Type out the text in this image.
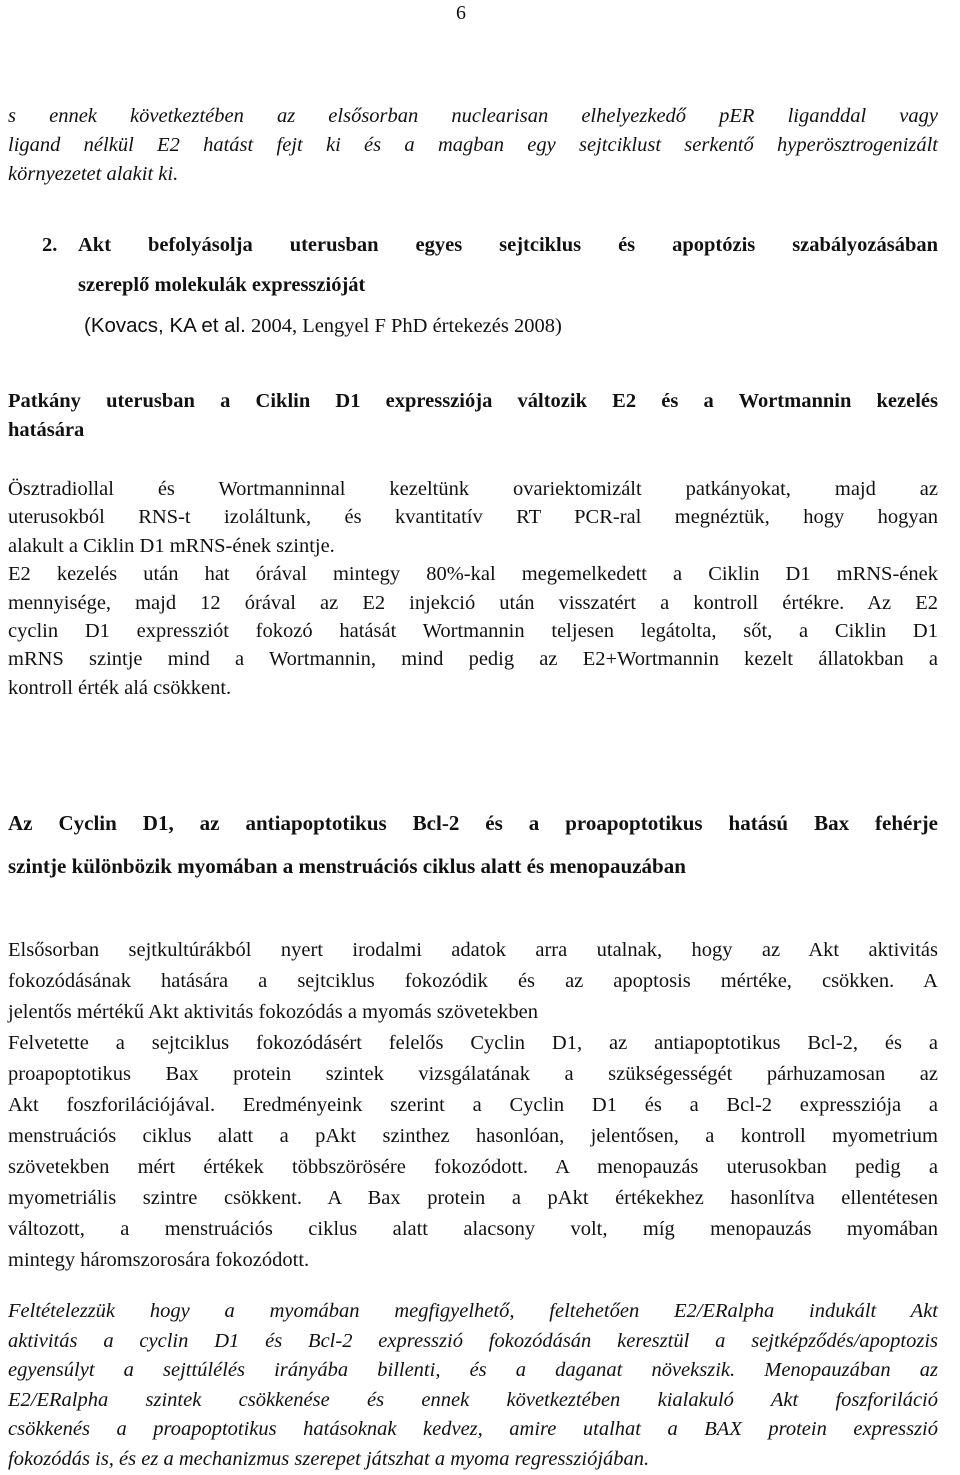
6
s ennek következtében az elsősorban nuclearisan elhelyezkedő pER liganddal vagy
ligand nélkül E2 hatást fejt ki és a magban egy sejtciklust serkentő hyperösztrogenizált
környezetet alakit ki.
2. Akt befolyásolja uterusban egyes sejtciklus és apoptózis szabályozásában
szereplő molekulák expresszióját
(Kovacs, KA et al. 2004, Lengyel F PhD értekezés 2008)
Patkány uterusban a Ciklin D1 expressziója változik E2 és a Wortmannin kezelés
hatására
Ösztradiollal és Wortmanninnal kezeltünk ovariektomizált patkányokat, majd az
uterusokból RNS-t izoláltunk, és kvantitatív RT PCR-ral megnéztük, hogy hogyan
alakult a Ciklin D1 mRNS-ének szintje.
E2 kezelés után hat órával mintegy 80%-kal megemelkedett a Ciklin D1 mRNS-ének
mennyisége, majd 12 órával az E2 injekció után visszatért a kontroll értékre. Az E2
cyclin D1 expressziót fokozó hatását Wortmannin teljesen legátolta, sőt, a Ciklin D1
mRNS szintje mind a Wortmannin, mind pedig az E2+Wortmannin kezelt állatokban a
kontroll érték alá csökkent.
Az Cyclin D1, az antiapoptotikus Bcl-2 és a proapoptotikus hatású Bax fehérje
szintje különbözik myomában a menstruációs ciklus alatt és menopauzában
Elsősorban sejtkultúrákból nyert irodalmi adatok arra utalnak, hogy az Akt aktivitás
fokozódásának hatására a sejtciklus fokozódik és az apoptosis mértéke, csökken. A
jelentős mértékű Akt aktivitás fokozódás a myomás szövetekben
Felvetette a sejtciklus fokozódásért felelős Cyclin D1, az antiapoptotikus Bcl-2, és a
proapoptotikus Bax protein szintek vizsgálatának a szükségességét párhuzamosan az
Akt foszforilációjával. Eredményeink szerint a Cyclin D1 és a Bcl-2 expressziója a
menstruációs ciklus alatt a pAkt szinthez hasonlóan, jelentősen, a kontroll myometrium
szövetekben mért értékek többszörösére fokozódott. A menopauzás uterusokban pedig a
myometriális szintre csökkent. A Bax protein a pAkt értékekhez hasonlítva ellentétesen
változott, a menstruációs ciklus alatt alacsony volt, míg menopauzás myomában
mintegy háromszorosára fokozódott.
Feltételezzük hogy a myomában megfigyelhető, feltehetően E2/ERalpha indukált Akt
aktivitás a cyclin D1 és Bcl-2 expresszió fokozódásán keresztül a sejtképződés/apoptozis
egyensúlyt a sejttúlélés irányába billenti, és a daganat növekszik. Menopauzában az
E2/ERalpha szintek csökkenése és ennek következtében kialakuló Akt foszforiláció
csökkenés a proapoptotikus hatásoknak kedvez, amire utalhat a BAX protein expresszió
fokozódás is, és ez a mechanizmus szerepet játszhat a myoma regressziójában.
